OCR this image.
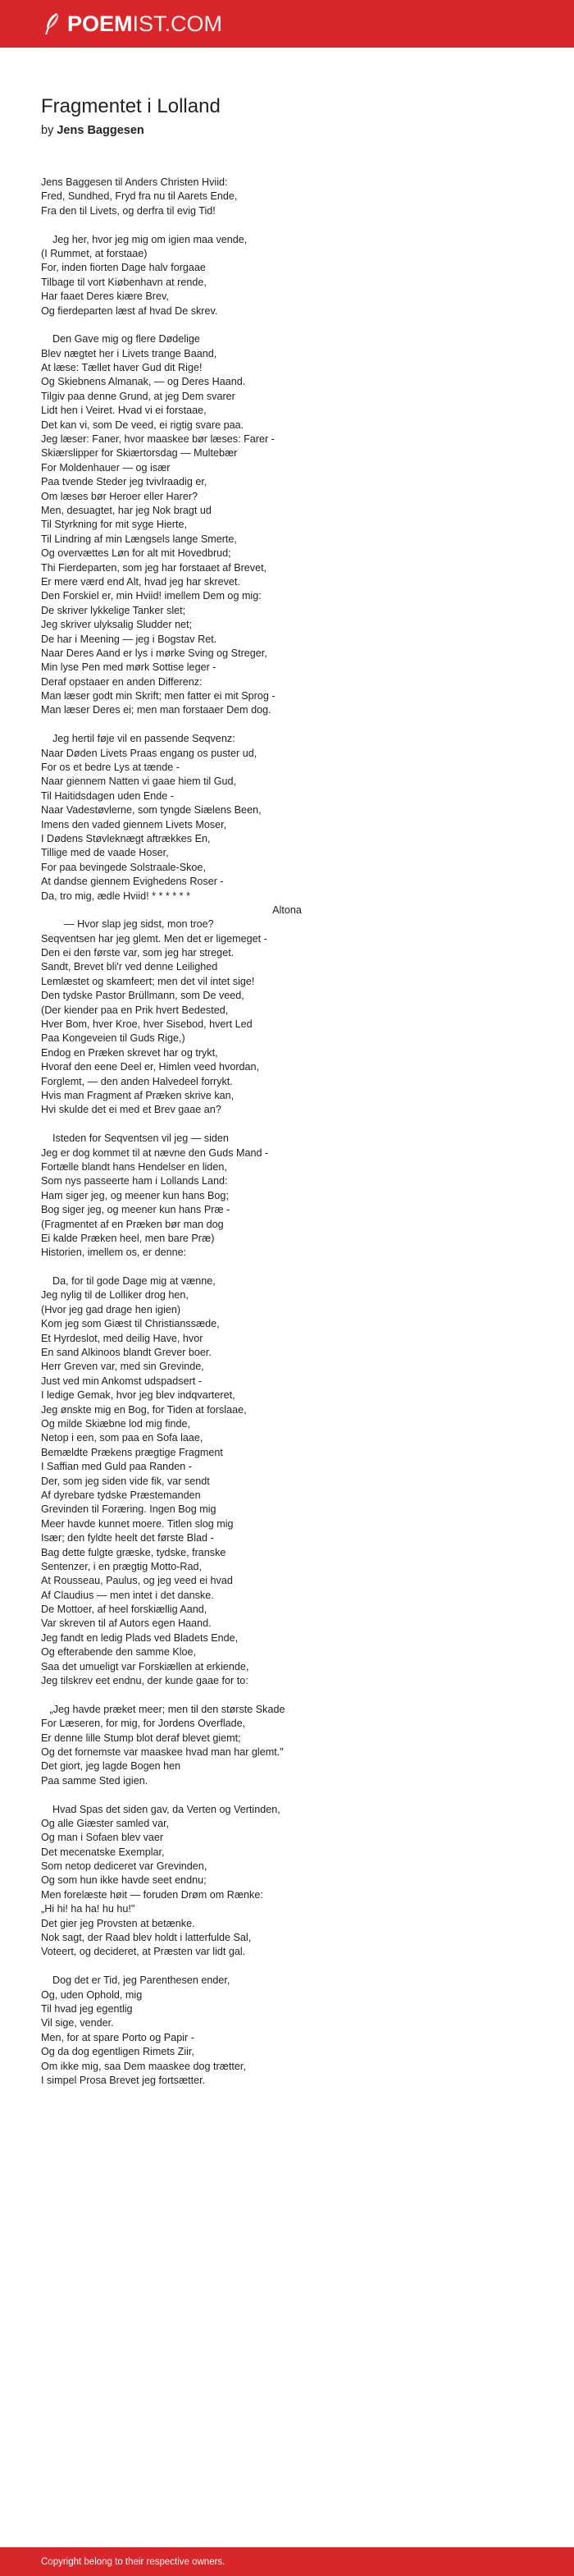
POEMIST.COM
Fragmentet i Lolland
by Jens Baggesen
Jens Baggesen til Anders Christen Hviid:
Fred, Sundhed, Fryd fra nu til Aarets Ende,
Fra den til Livets, og derfra til evig Tid!
Jeg her, hvor jeg mig om igien maa vende,
(I Rummet, at forstaae)
For, inden fiorten Dage halv forgaae
Tilbage til vort Kiøbenhavn at rende,
Har faaet Deres kiære Brev,
Og fierdeparten læst af hvad De skrev.
Den Gave mig og flere Dødelige
Blev nægtet her i Livets trange Baand,
At læse: Tællet haver Gud dit Rige!
Og Skiebnens Almanak, — og Deres Haand.
Tilgiv paa denne Grund, at jeg Dem svarer
Lidt hen i Veiret. Hvad vi ei forstaae,
Det kan vi, som De veed, ei rigtig svare paa.
Jeg læser: Faner, hvor maaskee bør læses: Farer -
Skiærslipper for Skiærtorsdag — Multebær
For Moldenhauer — og især
Paa tvende Steder jeg tvivlraadig er,
Om læses bør Heroer eller Harer?
Men, desuagtet, har jeg Nok bragt ud
Til Styrkning for mit syge Hierte,
Til Lindring af min Længsels lange Smerte,
Og overvættes Løn for alt mit Hovedbrud;
Thi Fierdeparten, som jeg har forstaaet af Brevet,
Er mere værd end Alt, hvad jeg har skrevet.
Den Forskiel er, min Hviid! imellem Dem og mig:
De skriver lykkelige Tanker slet;
Jeg skriver ulyksalig Sludder net;
De har i Meening — jeg i Bogstav Ret.
Naar Deres Aand er lys i mørke Sving og Streger,
Min lyse Pen med mørk Sottise leger -
Deraf opstaaer en anden Differenz:
Man læser godt min Skrift; men fatter ei mit Sprog -
Man læser Deres ei; men man forstaaer Dem dog.
Jeg hertil føje vil en passende Seqvenz:
Naar Døden Livets Praas engang os puster ud,
For os et bedre Lys at tænde -
Naar giennem Natten vi gaae hiem til Gud,
Til Haitidsdagen uden Ende -
Naar Vadestøvlerne, som tyngde Siælens Been,
Imens den vaded giennem Livets Moser,
I Dødens Støvleknægt aftrækkes En,
Tillige med de vaade Hoser,
For paa bevingede Solstraale-Skoe,
At dandse giennem Evighedens Roser -
Da, tro mig, ædle Hviid! * * * * * *
Altona
— Hvor slap jeg sidst, mon troe?
Seqventsen har jeg glemt. Men det er ligemeget -
Den ei den første var, som jeg har streget.
Sandt, Brevet bli'r ved denne Leilighed
Lemlæstet og skamfeert; men det vil intet sige!
Den tydske Pastor Brüllmann, som De veed,
(Der kiender paa en Prik hvert Bedested,
Hver Bom, hver Kroe, hver Sisebod, hvert Led
Paa Kongeveien til Guds Rige,)
Endog en Præken skrevet har og trykt,
Hvoraf den eene Deel er, Himlen veed hvordan,
Forglemt, — den anden Halvedeel forrykt.
Hvis man Fragment af Præken skrive kan,
Hvi skulde det ei med et Brev gaae an?
Isteden for Seqventsen vil jeg — siden
Jeg er dog kommet til at nævne den Guds Mand -
Fortælle blandt hans Hendelser en liden,
Som nys passeerte ham i Lollands Land:
Ham siger jeg, og meener kun hans Bog;
Bog siger jeg, og meener kun hans Præ -
(Fragmentet af en Præken bør man dog
Ei kalde Præken heel, men bare Præ)
Historien, imellem os, er denne:
Da, for til gode Dage mig at vænne,
Jeg nylig til de Lolliker drog hen,
(Hvor jeg gad drage hen igien)
Kom jeg som Giæst til Christianssæde,
Et Hyrdeslot, med deilig Have, hvor
En sand Alkinoos blandt Grever boer.
Herr Greven var, med sin Grevinde,
Just ved min Ankomst udspadsert -
I ledige Gemak, hvor jeg blev indqvarteret,
Jeg ønskte mig en Bog, for Tiden at forslaae,
Og milde Skiæbne lod mig finde,
Netop i een, som paa en Sofa laae,
Bemældte Prækens prægtige Fragment
I Saffian med Guld paa Randen -
Der, som jeg siden vide fik, var sendt
Af dyrebare tydske Præstemanden
Grevinden til Foræring. Ingen Bog mig
Meer havde kunnet moere. Titlen slog mig
Især; den fyldte heelt det første Blad -
Bag dette fulgte græske, tydske, franske
Sentenzer, i en prægtig Motto-Rad,
At Rousseau, Paulus, og jeg veed ei hvad
Af Claudius — men intet i det danske.
De Mottoer, af heel forskiællig Aand,
Var skreven til af Autors egen Haand.
Jeg fandt en ledig Plads ved Bladets Ende,
Og efterabende den samme Kloe,
Saa det umueligt var Forskiællen at erkiende,
Jeg tilskrev eet endnu, der kunde gaae for to:
„Jeg havde præket meer; men til den største Skade
For Læseren, for mig, for Jordens Overflade,
Er denne lille Stump blot deraf blevet giemt;
Og det fornemste var maaskee hvad man har glemt."
Det giort, jeg lagde Bogen hen
Paa samme Sted igien.
Hvad Spas det siden gav, da Verten og Vertinden,
Og alle Giæster samled var,
Og man i Sofaen blev vaer
Det mecenatske Exemplar,
Som netop dediceret var Grevinden,
Og som hun ikke havde seet endnu;
Men forelæste høit — foruden Drøm om Rænke:
„Hi hi! ha ha! hu hu!"
Det gier jeg Provsten at betænke.
Nok sagt, der Raad blev holdt i latterfulde Sal,
Voteert, og decideret, at Præsten var lidt gal.
Dog det er Tid, jeg Parenthesen ender,
Og, uden Ophold, mig
Til hvad jeg egentlig
Vil sige, vender.
Men, for at spare Porto og Papir -
Og da dog egentligen Rimets Ziir,
Om ikke mig, saa Dem maaskee dog trætter,
I simpel Prosa Brevet jeg fortsætter.
Copyright belong to their respective owners.
